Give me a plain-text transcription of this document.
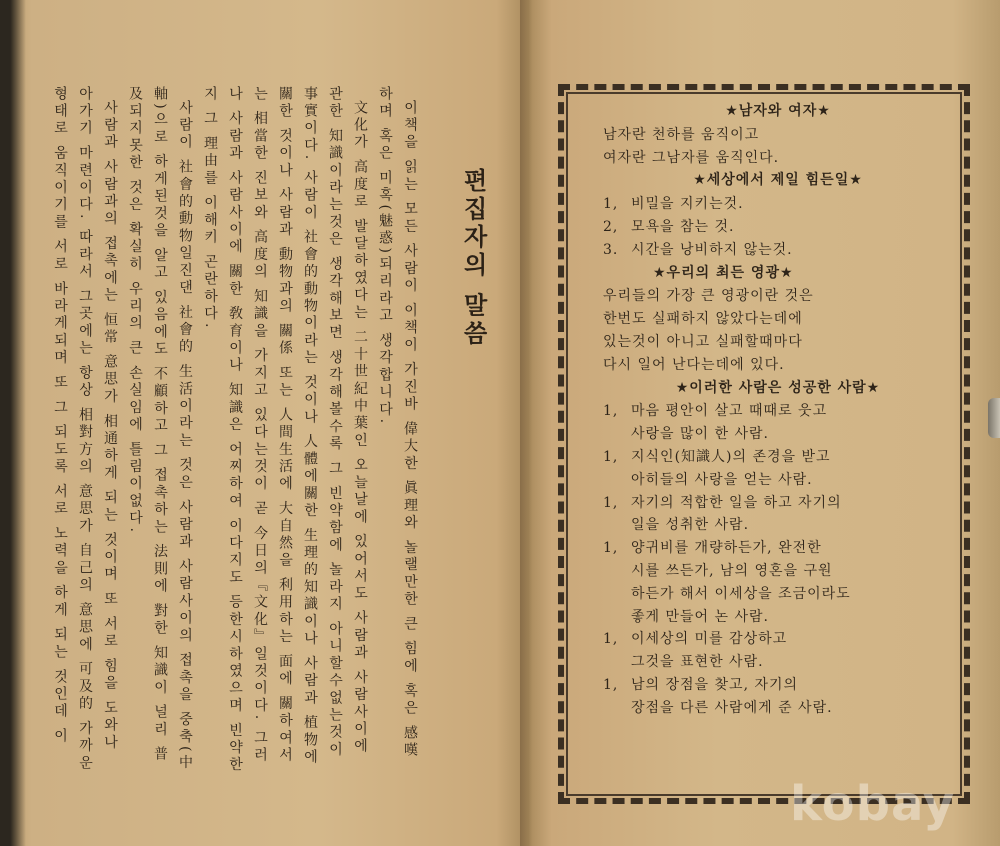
편집자의 말씀

이책을 읽는 모든 사람이 이책이 가진바 偉大한 眞理와 놀랠만한 큰 힘에 혹은 感嘆하며 혹은 미혹(魅惑)되리라고 생각합니다.

文化가 高度로 발달하였다는 二十世紀中葉인 오늘날에 있어서도 사람과 사람사이에 관한 知識이라는것은 생각해보면 생각해볼수록 그 빈약함에 놀라지 아니할수없는것이 事實이다. 사람이 社會的動物이라는 것이나 人體에關한 生理的知識이나 사람과 植物에 關한 것이나 사람과 動物과의 關係 또는 人間生活에 大自然을 利用하는 面에 關하여서는 相當한 진보와 高度의 知識을 가지고 있다는것이 곧 今日의『文化』일것이다. 그러나 사람과 사람사이에 關한 敎育이나 知識은 어찌하여 이다지도 등한시하였으며 빈약한지 그 理由를 이해키 곤란하다.

사람이 社會的動物일진댄 社會的 生活이라는 것은 사람과 사람사이의 접촉을 중축(中軸)으로 하게된것을 알고 있음에도 不顧하고 그 접촉하는 法則에 對한 知識이 널리 普及되지못한 것은 확실히 우리의 큰 손실임에 틀림이없다.

사람과 사람과의 접촉에는 恒常 意思가 相通하게 되는 것이며 또 서로 힘을 도와나 아가기 마련이다. 따라서 그곳에는 항상 相對方의 意思가 自己의 意思에 可及的 가까운 형태로 움직이기를 서로 바라게되며 또 그 되도록 서로 노력을 하게 되는 것인데 이	★남자와 여자★

남자란 천하를 움직이고

여자란 그남자를 움직인다.

★세상에서 제일 힘든일★

1, 비밀을 지키는것.

2, 모욕을 참는 것.

3. 시간을 낭비하지 않는것.

★우리의 최든 영광★

우리들의 가장 큰 영광이란 것은

한번도 실패하지 않았다는데에

있는것이 아니고 실패할때마다

다시 일어 난다는데에 있다.

★이러한 사람은 성공한 사람★

1, 마음 평안이 살고 때때로 웃고

사랑을 많이 한 사람.

1, 지식인(知識人)의 존경을 받고

아히들의 사랑을 얻는 사람.

1, 자기의 적합한 일을 하고 자기의

일을 성취한 사람.

1, 양귀비를 개량하든가, 완전한

시를 쓰든가, 남의 영혼을 구원

하든가 해서 이세상을 조금이라도

좋게 만들어 논 사람.

1, 이세상의 미를 감상하고

그것을 표현한 사람.

1, 남의 장점을 찾고, 자기의

장점을 다른 사람에게 준 사람.

kobay
